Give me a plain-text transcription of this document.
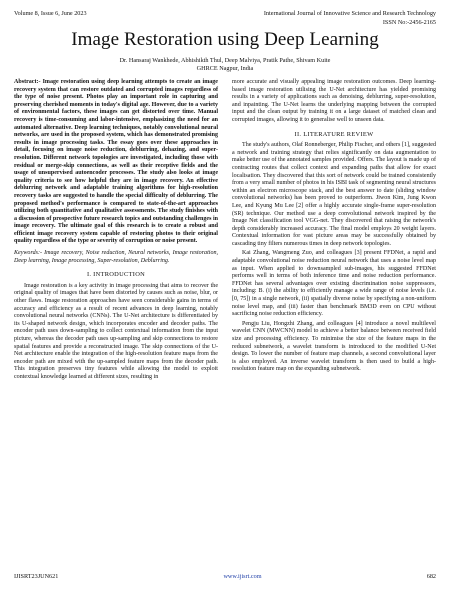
Volume 8, Issue 6, June 2023	International Journal of Innovative Science and Research Technology
ISSN No:-2456-2165
Image Restoration using Deep Learning
Dr. Hansaraj Wankhede, Abhishikth Thul, Deep Malviya, Pratik Pathe, Shivam Kuite
GHRCE Nagpur, India

Abstract:- Image restoration using deep learning attempts to create an image recovery system that can restore outdated and corrupted images regardless of the type of noise present. Photos play an important role in capturing and preserving cherished moments in today's digital age. However, due to a variety of environmental factors, these images can get distorted over time. Manual recovery is time-consuming and labor-intensive, emphasizing the need for an automated alternative. Deep learning techniques, notably convolutional neural networks, are used in the proposed system, which has demonstrated promising results in image processing tasks. The essay goes over these approaches in detail, focusing on image noise reduction, deblurring, dehazing, and super-resolution. Different network topologies are investigated, including those with residual or merge-skip connections, as well as their receptive fields and the usage of unsupervised autoencoder processes. The study also looks at image quality criteria to see how helpful they are in image recovery. An effective deblurring network and adaptable training algorithms for high-resolution recovery tasks are suggested to handle the special difficulty of deblurring. The proposed method's performance is compared to state-of-the-art approaches utilizing both quantitative and qualitative assessments. The study finishes with a discussion of prospective future research topics and outstanding challenges in image recovery. The ultimate goal of this research is to create a robust and efficient image recovery system capable of restoring photos to their original quality regardless of the type or severity of corruption or noise present.

Keywords:- Image recovery, Noise reduction, Neural networks, Image restoration, Deep learning, Image processing, Super-resolution, Deblurring.

I. INTRODUCTION

Image restoration is a key activity in image processing that aims to recover the original quality of images that have been distorted by causes such as noise, blur, or other flaws. Image restoration approaches have seen considerable gains in terms of accuracy and efficiency as a result of recent advances in deep learning, notably convolutional neural networks (CNNs). The U-Net architecture is differentiated by its U-shaped network design, which incorporates encoder and decoder paths. The encoder path uses down-sampling to collect contextual information from the input picture, whereas the decoder path uses up-sampling and skip connections to restore spatial features and provide a reconstructed image. The skip connections of the U-Net architecture enable the integration of the high-resolution feature maps from the encoder path are mixed with the up-sampled feature maps from the decoder path. This integration preserves tiny features while allowing the model to exploit contextual knowledge learned at different sizes, resulting in

more accurate and visually appealing image restoration outcomes. Deep learning-based image restoration utilising the U-Net architecture has yielded promising results in a variety of applications such as denoising, deblurring, super-resolution, and inpainting. The U-Net learns the underlying mapping between the corrupted input and the clean output by training it on a large dataset of matched clean and corrupted images, allowing it to generalise well to unseen data.

II. LITERATURE REVIEW

The study's authors, Olaf Ronneberger, Philip Fischer, and others [1], suggested a network and training strategy that relies significantly on data augmentation to make better use of the annotated samples provided. Offers. The layout is made up of contracting routes that collect context and expanding paths that allow for exact localisation. They discovered that this sort of network could be trained consistently from a very small number of photos in his ISBI task of segmenting neural structures within an electron microscope stack, and the best answer to date (sliding window convolutional networks) has been proved to outperform. Jiwon Kim, Jung Kwon Lee, and Kyung Mu Lee [2] offer a highly accurate single-frame super-resolution (SR) technique. Our method use a deep convolutional network inspired by the Image Net classification tool VGG-net. They discovered that raising the network's depth considerably increased accuracy. The final model employs 20 weight layers. Contextual information for vast picture areas may be successfully obtained by cascading tiny filters numerous times in deep network topologies.

Kai Zhang, Wangmeng Zuo, and colleagues [3] present FFDNet, a rapid and adaptable convolutional noise reduction neural network that uses a noise level map as input. When applied to downsampled sub-images, his suggested FFDNet performs well in terms of both inference time and noise reduction performance. FFDNet has several advantages over existing discrimination noise suppressors, including: B. (i) the ability to efficiently manage a wide range of noise levels (i.e. [0, 75]) in a single network, (ii) spatially diverse noise by specifying a non-uniform noise level map, and (iii) faster than benchmark BM3D even on CPU without sacrificing noise reduction efficiency.

Pengju Liu, Hongzhi Zhang, and colleagues [4] introduce a novel multilevel wavelet CNN (MWCNN) model to achieve a better balance between received field size and processing efficiency. To minimise the size of the feature maps in the reduced subnetwork, a wavelet transform is introduced to the modified U-Net design. To lower the number of feature map channels, a second convolutional layer is also employed. An inverse wavelet transform is then used to build a high-resolution feature map on the expanding subnetwork.

IJISRT23JUN621	www.ijisrt.com	682
